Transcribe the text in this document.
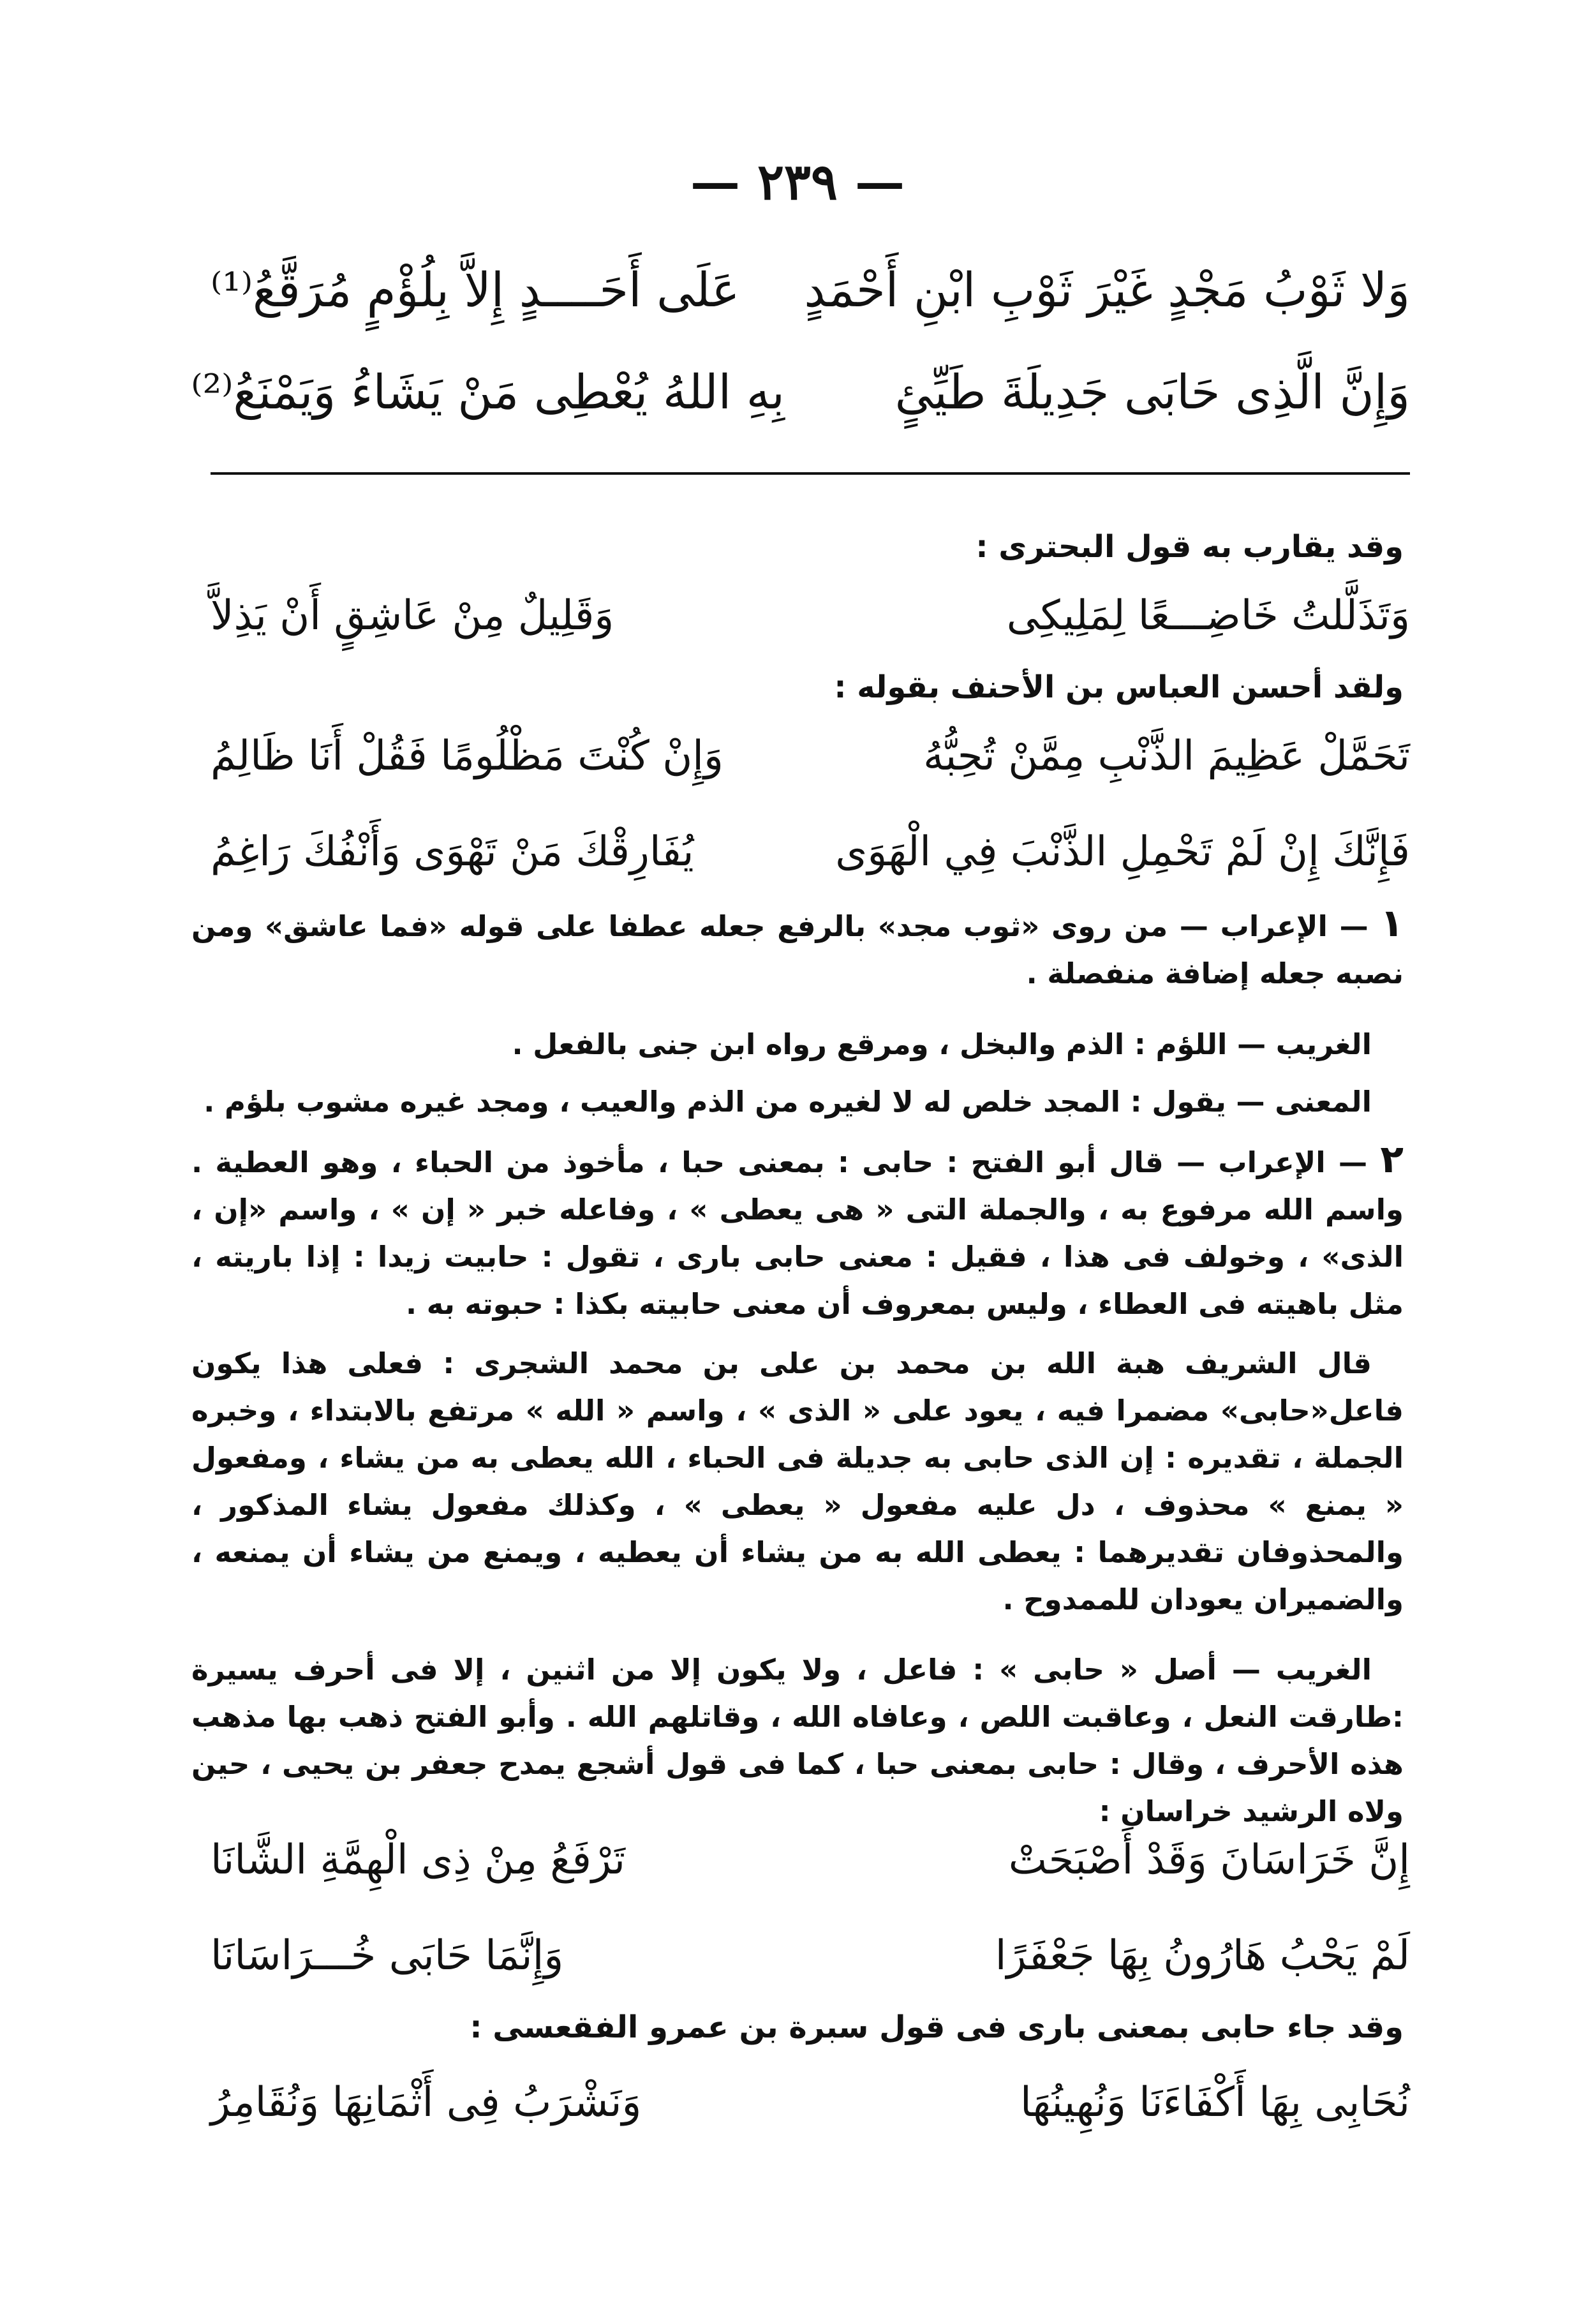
— ٢٣٩ —
وَلا ثَوْبُ مَجْدٍ غَيْرَ ثَوْبِ ابْنِ أَحْمَدٍ
عَلَى أَحَــــدٍ إِلاَّ بِلُؤْمٍ مُرَقَّعُ⁽¹⁾
وَإِنَّ الَّذِى حَابَى جَدِيلَةَ طَيِّئٍ
بِهِ اللهُ يُعْطِى مَنْ يَشَاءُ وَيَمْنَعُ⁽²⁾
وقد يقارب به قول البحترى :
وَتَذَلَّلتُ خَاضِـــعًا لِمَلِيكِى
وَقَلِيلٌ مِنْ عَاشِقٍ أَنْ يَذِلاَّ
ولقد أحسن العباس بن الأحنف بقوله :
تَحَمَّلْ عَظِيمَ الذَّنْبِ مِمَّنْ تُحِبُّهُ
وَإِنْ كُنْتَ مَظْلُومًا فَقُلْ أَنَا ظَالِمُ
فَإِنَّكَ إِنْ لَمْ تَحْمِلِ الذَّنْبَ فِي الْهَوَى
يُفَارِقْكَ مَنْ تَهْوَى وَأَنْفُكَ رَاغِمُ
١ — الإعراب — من روى «ثوب مجد» بالرفع جعله عطفا على قوله «فما عاشق» ومن نصبه جعله إضافة منفصلة .
الغريب — اللؤم : الذم والبخل ، ومرقع رواه ابن جنى بالفعل .
المعنى — يقول : المجد خلص له لا لغيره من الذم والعيب ، ومجد غيره مشوب بلؤم .
٢ — الإعراب — قال أبو الفتح : حابى : بمعنى حبا ، مأخوذ من الحباء ، وهو العطية . واسم الله مرفوع به ، والجملة التى « هى يعطى » ، وفاعله خبر « إن » ، واسم «إن ، الذى» ، وخولف فى هذا ، فقيل : معنى حابى بارى ، تقول : حابيت زيدا : إذا باريته ، مثل باهيته فى العطاء ، وليس بمعروف أن معنى حابيته بكذا : حبوته به .
قال الشريف هبة الله بن محمد بن على بن محمد الشجرى : فعلى هذا يكون فاعل«حابى» مضمرا فيه ، يعود على « الذى » ، واسم « الله » مرتفع بالابتداء ، وخبره الجملة ، تقديره : إن الذى حابى به جديلة فى الحباء ، الله يعطى به من يشاء ، ومفعول « يمنع » محذوف ، دل عليه مفعول « يعطى » ، وكذلك مفعول يشاء المذكور ، والمحذوفان تقديرهما : يعطى الله به من يشاء أن يعطيه ، ويمنع من يشاء أن يمنعه ، والضميران يعودان للممدوح .
الغريب — أصل « حابى » : فاعل ، ولا يكون إلا من اثنين ، إلا فى أحرف يسيرة :طارقت النعل ، وعاقبت اللص ، وعافاه الله ، وقاتلهم الله . وأبو الفتح ذهب بها مذهب هذه الأحرف ، وقال : حابى بمعنى حبا ، كما فى قول أشجع يمدح جعفر بن يحيى ، حين ولاه الرشيد خراسان :
إِنَّ خَرَاسَانَ وَقَدْ أَصْبَحَتْ
تَرْفَعُ مِنْ ذِى الْهِمَّةِ الشَّانَا
لَمْ يَحْبُ هَارُونُ بِهَا جَعْفَرًا
وَإِنَّمَا حَابَى خُـــرَاسَانَا
وقد جاء حابى بمعنى بارى فى قول سبرة بن عمرو الفقعسى :
نُحَابِى بِهَا أَكْفَاءَنَا وَنُهِينُهَا
وَنَشْرَبُ فِى أَثْمَانِهَا وَنُقَامِرُ
